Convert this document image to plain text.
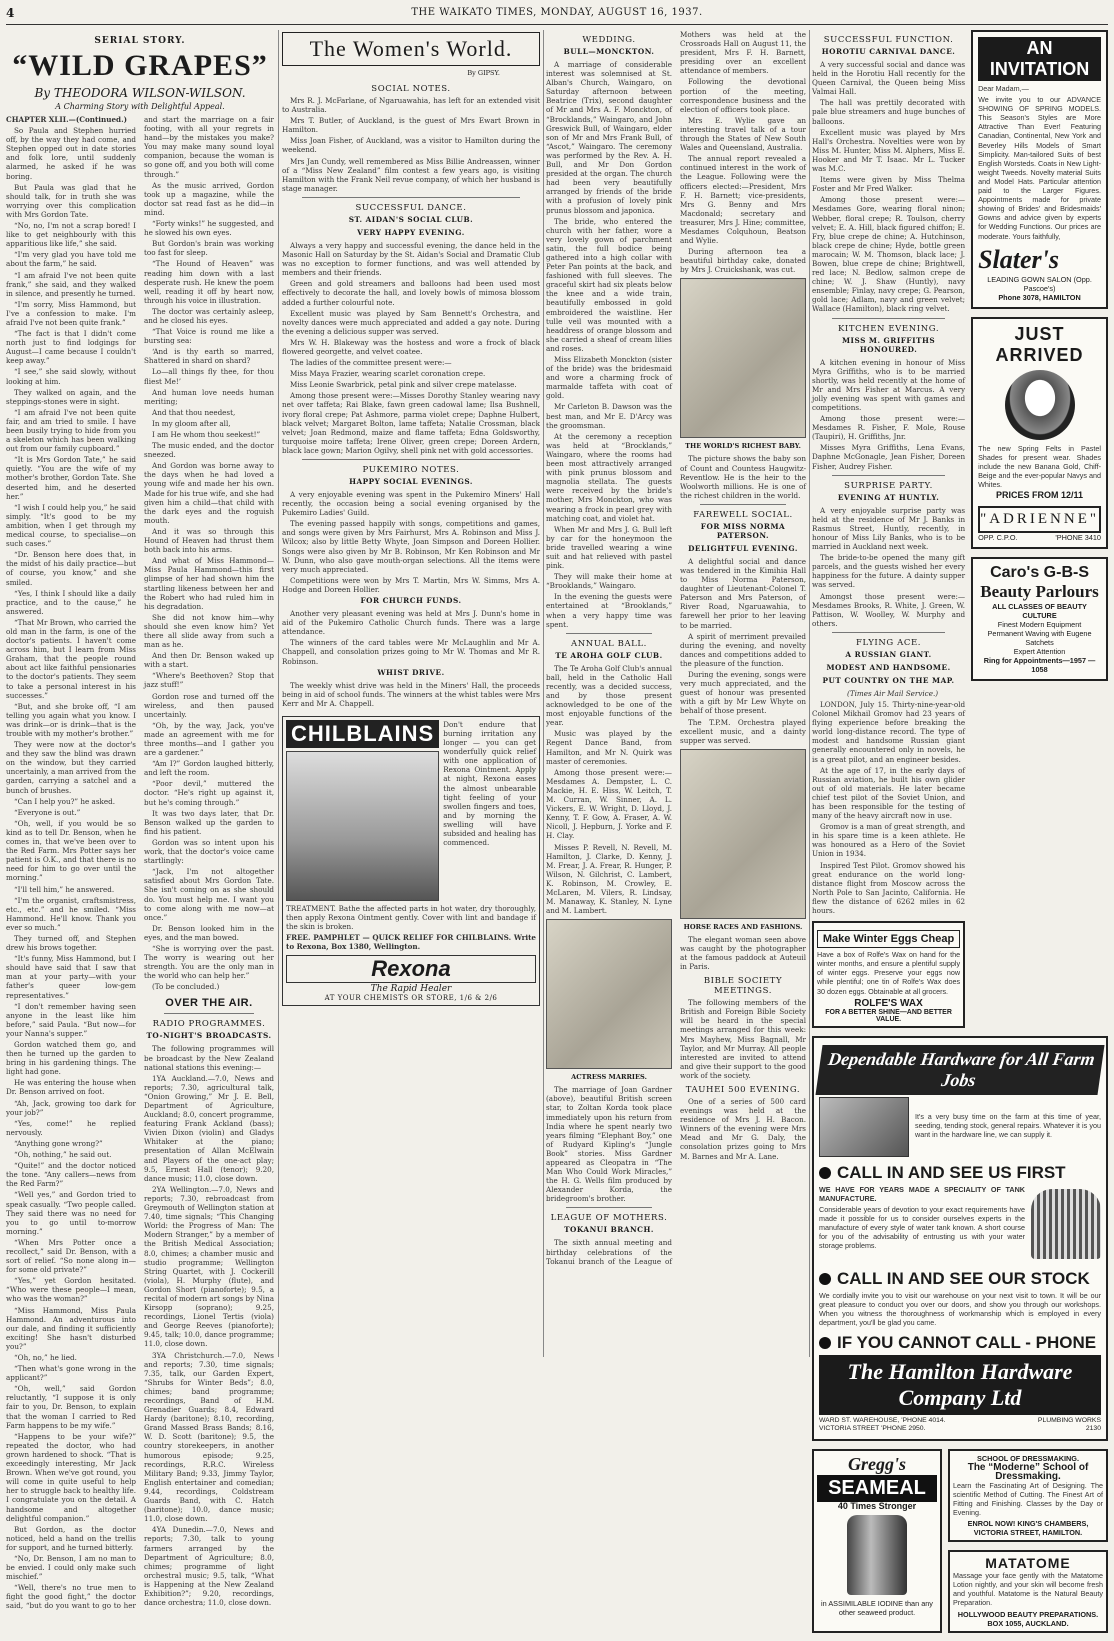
4	THE WAIKATO TIMES, MONDAY, AUGUST 16, 1937.
SERIAL STORY.
“WILD GRAPES”
By THEODORA WILSON-WILSON.
A Charming Story with Delightful Appeal.
CHAPTER XLII.—(Continued.)
So Paula and Stephen hurried off, by the way they had come, and Stephen opped out in date stories and folk lore, until suddenly alarmed, he asked if he was boring.
But Paula was glad that he should talk, for in truth she was worrying over this complication with Mrs Gordon Tate.
“No, no, I'm not a scrap bored! I like to get neighbourly with this apparitious like life,” she said.
“I'm very glad you have told me about the farm,” he said.
“I am afraid I've not been quite frank,” she said, and they walked in silence, and presently he turned.
“I'm sorry, Miss Hammond, but I've a confession to make. I'm afraid I've not been quite frank.”
“The fact is that I didn't come north just to find lodgings for August—I came because I couldn't keep away.”
“I see,” she said slowly, without looking at him.
They walked on again, and the steppings-stones were in sight.
“I am afraid I've not been quite fair, and am tried to smile. I have been busily trying to hide from you a skeleton which has been walking out from our family cupboard.”
“It is Mrs Gordon Tate,” he said quietly. “You are the wife of my mother's brother, Gordon Tate. She deserted him, and he deserted her.”
“I wish I could help you,” he said simply. “It's good to be my ambition, when I get through my medical course, to specialise—on such cases.”
“Dr. Benson here does that, in the midst of his daily practice—but of course, you know,” and she smiled.
“Yes, I think I should like a daily practice, and to the cause,” he answered.
“That Mr Brown, who carried the old man in the farm, is one of the doctor's patients. I haven't come across him, but I learn from Miss Graham, that the people round about act like faithful pensionaries to the doctor's patients. They seem to take a personal interest in his successes.”
“But, and she broke off, “I am telling you again what you know. I was drink—or is drink—that is the trouble with my mother's brother.”
They were now at the doctor's and they saw the blind was drawn on the window, but they carried uncertainly, a man arrived from the garden, carrying a satchel and a bunch of brushes.
“Can I help you?” he asked.
“Everyone is out.”
“Oh, well, if you would be so kind as to tell Dr. Benson, when he comes in, that we've been over to the Red Farm. Mrs Potter says her patient is O.K., and that there is no need for him to go over until the morning.”
“I'll tell him,” he answered.
“I'm the organist, craftsmistress, etc., etc.” and he smiled. “Miss Hammond. He'll know. Thank you ever so much.”
They turned off, and Stephen drew his brows together.
“It's funny, Miss Hammond, but I should have said that I saw that man at your party—with your father's queer low-gem representatives.”
“I don't remember having seen anyone in the least like him before,” said Paula. “But now—for your Nanna's supper.”
Gordon watched them go, and then he turned up the garden to bring in his gardening things. The light had gone.
He was entering the house when Dr. Benson arrived on foot.
“Ah, Jack, growing too dark for your job?”
“Yes, come!” he replied nervously.
“Anything gone wrong?”
“Oh, nothing,” he said out.
“Quite!” and the doctor noticed the tone. “Any callers—news from the Red Farm?”
“Well yes,” and Gordon tried to speak casually. “Two people called. They said there was no need for you to go until to-morrow morning.”
“When Mrs Potter once a recollect,” said Dr. Benson, with a sort of relief. “So none along in—for some old private?”
“Yes,” yet Gordon hesitated. “Who were these people—I mean, who was the woman?”
“Miss Hammond, Miss Paula Hammond. An adventurous into our dale, and finding it sufficiently exciting! She hasn't disturbed you?”
“Oh, no,” he lied.
“Then what's gone wrong in the applicant?”
“Oh, well,” said Gordon reluctantly, “I suppose it is only fair to you, Dr. Benson, to explain that the woman I carried to Red Farm happens to be my wife.”
“Happens to be your wife?” repeated the doctor, who had grown hardened to shock. “That is exceedingly interesting, Mr Jack Brown. When we've got round, you will come in quite useful to help her to struggle back to healthy life. I congratulate you on the detail. A handsome and altogether delightful companion.”
But Gordon, as the doctor noticed, held a hand on the trellis for support, and he turned bitterly.
“No, Dr. Benson, I am no man to be envied. I could only make such mischief.”
“Well, there's no true men to fight the good fight,” the doctor said, “but do you want to go to her and start the marriage on a fair footing, with all your regrets in hand—by the mistakes you make? You may make many sound loyal companion, because the woman is so gone off, and you both will come through.”
As the music arrived, Gordon took up a magazine, while the doctor sat read fast as he did—in mind.
“Forty winks!” he suggested, and he slowed his own eyes.
But Gordon's brain was working too fast for sleep.
“The Hound of Heaven” was reading him down with a last desperate rush. He knew the poem well, reading it off by heart now, through his voice in illustration.
The doctor was certainly asleep, and he closed his eyes.
“That Voice is round me like a bursting sea:
‘And is thy earth so marred, Shattered in shard on shard?
Lo—all things fly thee, for thou fliest Me!’
And human love needs human meriting;
And that thou needest,
In my gloom after all,
I am He whom thou seekest!”
The music ended, and the doctor sneezed.
And Gordon was borne away to the days when he had loved a young wife and made her his own. Made for his true wife, and she had given him a child—that child with the dark eyes and the roguish mouth.
And it was so through this Hound of Heaven had thrust them both back into his arms.
And what of Miss Hammond—Miss Paula Hammond—this first glimpse of her had shown him the startling likeness between her and the Robert who had ruled him in his degradation.
She did not know him—why should she even know him? Yet there all slide away from such a man as he.
And then Dr. Benson waked up with a start.
“Where's Beethoven? Stop that jazz stuff!”
Gordon rose and turned off the wireless, and then paused uncertainly.
“Oh, by the way, Jack, you've made an agreement with me for three months—and I gather you are a gardener.”
“Am I?” Gordon laughed bitterly, and left the room.
“Poor devil,” muttered the doctor. “He's right up against it, but he's coming through.”
It was two days later, that Dr. Benson walked up the garden to find his patient.
Gordon was so intent upon his work, that the doctor's voice came startlingly:
“Jack, I'm not altogether satisfied about Mrs Gordon Tate. She isn't coming on as she should do. You must help me. I want you to come along with me now—at once.”
Dr. Benson looked him in the eyes, and the man bowed.
“She is worrying over the past. The worry is wearing out her strength. You are the only man in the world who can help her.”
(To be concluded.)
OVER THE AIR.
RADIO PROGRAMMES.
TO-NIGHT'S BROADCASTS.
The following programmes will be broadcast by the New Zealand national stations this evening:—
1YA Auckland.—7.0, News and reports; 7.30, agricultural talk, “Onion Growing,” Mr J. E. Bell, Department of Agriculture, Auckland; 8.0, concert programme, featuring Frank Ackland (bass); Vivien Dixon (violin) and Gladys Whitaker at the piano; presentation of Allan McElwain and Players of the one-act play; 9.5, Ernest Hall (tenor); 9.20, dance music; 11.0, close down.
2YA Wellington.—7.0, News and reports; 7.30, rebroadcast from Greymouth of Wellington station at 7.40, time signals; “This Changing World: the Progress of Man: The Modern Stranger,” by a member of the British Medical Association; 8.0, chimes; a chamber music and studio programme; Wellington String Quartet, with J. Cockerill (viola), H. Murphy (flute), and Gordon Short (pianoforte); 9.5, a recital of modern art songs by Nina Kirsopp (soprano); 9.25, recordings, Lionel Tertis (viola) and George Reeves (pianoforte); 9.45, talk; 10.0, dance programme; 11.0, close down.
3YA Christchurch.—7.0, News and reports; 7.30, time signals; 7.35, talk, our Garden Expert, “Shrubs for Winter Beds”; 8.0, chimes; band programme; recordings, Band of H.M. Grenadier Guards; 8.4, Edward Hardy (baritone); 8.10, recording, Grand Massed Brass Bands; 8.16, W. D. Scott (baritone); 9.5, the country storekeepers, in another humorous episode; 9.25, recordings, R.R.C. Wireless Military Band; 9.33, Jimmy Taylor, English entertainer and comedian; 9.44, recordings, Coldstream Guards Band, with C. Hatch (baritone); 10.0, dance music; 11.0, close down.
4YA Dunedin.—7.0, News and reports; 7.30, talk to young farmers arranged by the Department of Agriculture; 8.0, chimes; programme of light orchestral music; 9.5, talk, “What is Happening at the New Zealand Exhibition?”; 9.20, recordings, dance orchestra; 11.0, close down.
The Women's World.
By GIPSY.
SOCIAL NOTES.
Mrs R. J. McFarlane, of Ngaruawahia, has left for an extended visit to Australia.
Mrs T. Butler, of Auckland, is the guest of Mrs Ewart Brown in Hamilton.
Miss Joan Fisher, of Auckland, was a visitor to Hamilton during the weekend.
Mrs Jan Cundy, well remembered as Miss Billie Andreassen, winner of a “Miss New Zealand” film contest a few years ago, is visiting Hamilton with the Frank Neil revue company, of which her husband is stage manager.
SUCCESSFUL DANCE.
ST. AIDAN'S SOCIAL CLUB.
VERY HAPPY EVENING.
Always a very happy and successful evening, the dance held in the Masonic Hall on Saturday by the St. Aidan's Social and Dramatic Club was no exception to former functions, and was well attended by members and their friends.
Green and gold streamers and balloons had been used most effectively to decorate the hall, and lovely bowls of mimosa blossom added a further colourful note.
Excellent music was played by Sam Bennett's Orchestra, and novelty dances were much appreciated and added a gay note. During the evening a delicious supper was served.
Mrs W. H. Blakeway was the hostess and wore a frock of black flowered georgette, and velvet coatee.
The ladies of the committee present were:—
Miss Maya Frazier, wearing scarlet coronation crepe.
Miss Leonie Swarbrick, petal pink and silver crepe matelasse.
Among those present were:—Misses Dorothy Stanley wearing navy net over taffeta; Rai Blake, fawn green cadowal lame; Ilsa Bushnell, ivory floral crepe; Pat Ashmore, parma violet crepe; Daphne Hulbert, black velvet; Margaret Bolton, lame taffeta; Natalie Crossman, black velvet; Joan Redmond, maize and flame taffeta; Edna Goldsworthy, turquoise moire taffeta; Irene Oliver, green crepe; Doreen Ardern, black lace gown; Marion Ogilvy, shell pink net with gold accessories.
PUKEMIRO NOTES.
HAPPY SOCIAL EVENINGS.
A very enjoyable evening was spent in the Pukemiro Miners' Hall recently, the occasion being a social evening organised by the Pukemiro Ladies' Guild.
The evening passed happily with songs, competitions and games, and songs were given by Mrs Fairhurst, Mrs A. Robinson and Miss J. Wilcox; also by little Betty Whyte, Joan Simpson and Doreen Hollier. Songs were also given by Mr B. Robinson, Mr Ken Robinson and Mr W. Dunn, who also gave mouth-organ selections. All the items were very much appreciated.
Competitions were won by Mrs T. Martin, Mrs W. Simms, Mrs A. Hodge and Doreen Hollier.
FOR CHURCH FUNDS.
Another very pleasant evening was held at Mrs J. Dunn's home in aid of the Pukemiro Catholic Church funds. There was a large attendance.
The winners of the card tables were Mr McLaughlin and Mr A. Chappell, and consolation prizes going to Mr W. Thomas and Mr R. Robinson.
WHIST DRIVE.
The weekly whist drive was held in the Miners' Hall, the proceeds being in aid of school funds. The winners at the whist tables were Mrs Kerr and Mr A. Chappell.
CHILBLAINS	Don't endure that burning irritation any longer — you can get wonderfully quick relief with one application of Rexona Ointment. Apply at night, Rexona eases the almost unbearable tight feeling of your swollen fingers and toes, and by morning the swelling will have subsided and healing has commenced.
TREATMENT. Bathe the affected parts in hot water, dry thoroughly, then apply Rexona Ointment gently. Cover with lint and bandage if the skin is broken.
FREE. PAMPHLET — QUICK RELIEF FOR CHILBLAINS. Write to Rexona, Box 1380, Wellington.
Rexona
The Rapid Healer
AT YOUR CHEMISTS OR STORE, 1/6 & 2/6
WEDDING.
BULL—MONCKTON.
A marriage of considerable interest was solemnised at St. Alban's Church, Waingaro, on Saturday afternoon between Beatrice (Trix), second daughter of Mr and Mrs A. F. Monckton, of “Brocklands,” Waingaro, and John Greswick Bull, of Waingaro, elder son of Mr and Mrs Frank Bull, of “Ascot,” Waingaro. The ceremony was performed by the Rev. A. H. Bull, and Mr Don Gordon presided at the organ. The church had been very beautifully arranged by friends of the bride with a profusion of lovely pink prunus blossom and japonica.
The bride, who entered the church with her father, wore a very lovely gown of parchment satin, the full bodice being gathered into a high collar with Peter Pan points at the back, and fashioned with full sleeves. The graceful skirt had six pleats below the knee and a wide train, beautifully embossed in gold embroidered the waistline. Her tulle veil was mounted with a headdress of orange blossom and she carried a sheaf of cream lilies and roses.
Miss Elizabeth Monckton (sister of the bride) was the bridesmaid and wore a charming frock of marmalde taffeta with coat of gold.
Mr Carleton B. Dawson was the best man, and Mr E. D'Arcy was the groomsman.
At the ceremony a reception was held at “Brocklands,” Waingaro, where the rooms had been most attractively arranged with pink prunus blossom and magnolia stellata. The guests were received by the bride's mother, Mrs Monckton, who was wearing a frock in pearl grey with matching coat, and violet hat.
When Mr and Mrs J. G. Bull left by car for the honeymoon the bride travelled wearing a wine suit and hat relieved with pastel pink.
They will make their home at “Brooklands,” Waingaro.
In the evening the guests were entertained at “Brooklands,” when a very happy time was spent.
ANNUAL BALL.
TE AROHA GOLF CLUB.
The Te Aroha Golf Club's annual ball, held in the Catholic Hall recently, was a decided success, and by those present acknowledged to be one of the most enjoyable functions of the year.
Music was played by the Regent Dance Band, from Hamilton, and Mr N. Quirk was master of ceremonies.
Among those present were:—Mesdames A. Dempster, L. C. Mackie, H. E. Hiss, W. Leitch, T. M. Curran, W. Sinner, A. L. Vickers, E. W. Wright, D. Lloyd, J. Kenny, T. F. Gow, A. Fraser, A. W. Nicoll, J. Hepburn, J. Yorke and F. H. Clay.
Misses P. Revell, N. Revell, M. Hamilton, J. Clarke, D. Kenny, J. M. Frear, J. A. Frear, R. Hunger, P. Wilson, N. Gilchrist, C. Lambert, K. Robinson, M. Crowley, E. McLaren, M. Vilers, R. Lindsay, M. Manaway, K. Stanley, N. Lyne and M. Lambert.
ACTRESS MARRIES.
The marriage of Joan Gardner (above), beautiful British screen star, to Zoltan Korda took place immediately upon his return from India where he spent nearly two years filming “Elephant Boy,” one of Rudyard Kipling's “Jungle Book” stories. Miss Gardner appeared as Cleopatra in “The Man Who Could Work Miracles,” the H. G. Wells film produced by Alexander Korda, the bridegroom's brother.
LEAGUE OF MOTHERS.
TOKANUI BRANCH.
The sixth annual meeting and birthday celebrations of the Tokanui branch of the League of Mothers was held at the Crossroads Hall on August 11, the president, Mrs F. H. Barnett, presiding over an excellent attendance of members.
Following the devotional portion of the meeting, correspondence business and the election of officers took place.
Mrs E. Wylie gave an interesting travel talk of a tour through the States of New South Wales and Queensland, Australia.
The annual report revealed a continued interest in the work of the League. Following were the officers elected:—President, Mrs F. H. Barnett; vice-presidents, Mrs G. Benny and Mrs Macdonald; secretary and treasurer, Mrs J. Hine; committee, Mesdames Colquhoun, Beatson and Wylie.
During afternoon tea a beautiful birthday cake, donated by Mrs J. Cruickshank, was cut.
THE WORLD'S RICHEST BABY.
The picture shows the baby son of Count and Countess Haugwitz-Reventlow. He is the heir to the Woolworth millions. He is one of the richest children in the world.
FAREWELL SOCIAL.
FOR MISS NORMA PATERSON.
DELIGHTFUL EVENING.
A delightful social and dance was tendered in the Kimihia Hall to Miss Norma Paterson, daughter of Lieutenant-Colonel T. Paterson and Mrs Paterson, of River Road, Ngaruawahia, to farewell her prior to her leaving to be married.
A spirit of merriment prevailed during the evening, and novelty dances and competitions added to the pleasure of the function.
During the evening, songs were very much appreciated, and the guest of honour was presented with a gift by Mr Lew Whyte on behalf of those present.
The T.P.M. Orchestra played excellent music, and a dainty supper was served.
HORSE RACES AND FASHIONS.
The elegant woman seen above was caught by the photographer at the famous paddock at Auteuil in Paris.
BIBLE SOCIETY MEETINGS.
The following members of the British and Foreign Bible Society will be heard in the special meetings arranged for this week: Mrs Mayhew, Miss Bagnall, Mr Taylor, and Mr Murray. All people interested are invited to attend and give their support to the good work of the society.
TAUHEI 500 EVENING.
One of a series of 500 card evenings was held at the residence of Mrs J. H. Bacon. Winners of the evening were Mrs Mead and Mr G. Daly, the consolation prizes going to Mrs M. Barnes and Mr A. Lane.
SUCCESSFUL FUNCTION.
HOROTIU CARNIVAL DANCE.
A very successful social and dance was held in the Horotiu Hall recently for the Queen Carnival, the Queen being Miss Valmai Hall.
The hall was prettily decorated with pale blue streamers and huge bunches of balloons.
Excellent music was played by Mrs Hall's Orchestra. Novelties were won by Miss M. Hunter, Miss M. Alphers, Miss E. Hooker and Mr T. Isaac. Mr L. Tucker was M.C.
Items were given by Miss Thelma Foster and Mr Fred Walker.
Among those present were:—Mesdames Gore, wearing floral ninon; Webber, floral crepe; R. Toulson, cherry velvet; E. A. Hill, black figured chiffon; E. Fry, blue crepe de chine; A. Hutchinson, black crepe de chine; Hyde, bottle green marocain; W. M. Thomson, black lace; J. Bowen, blue crepe de chine; Brightwell, red lace; N. Bedlow, salmon crepe de chine; W. J. Shaw (Huntly), navy ensemble; Finlay, navy crepe; G. Pearson, gold lace; Adlam, navy and green velvet; Wallace (Hamilton), black ring velvet.
KITCHEN EVENING.
MISS M. GRIFFITHS HONOURED.
A kitchen evening in honour of Miss Myra Griffiths, who is to be married shortly, was held recently at the home of Mr and Mrs Fisher at Marcus. A very jolly evening was spent with games and competitions.
Among those present were:—Mesdames R. Fisher, F. Mole, Rouse (Taupiri), H. Griffiths, Jnr.
Misses Myra Griffiths, Lena Evans, Daphne McGonagle, Jean Fisher, Doreen Fisher, Audrey Fisher.
SURPRISE PARTY.
EVENING AT HUNTLY.
A very enjoyable surprise party was held at the residence of Mr J. Banks in Rasmus Street, Huntly, recently, in honour of Miss Lily Banks, who is to be married in Auckland next week.
The bride-to-be opened the many gift parcels, and the guests wished her every happiness for the future. A dainty supper was served.
Amongst those present were:—Mesdames Brooks, R. White, J. Green, W. Pattison, W. Woolley, W. Murphy and others.
FLYING ACE.
A RUSSIAN GIANT.
MODEST AND HANDSOME.
PUT COUNTRY ON THE MAP.
(Times Air Mail Service.)
LONDON, July 15. Thirty-nine-year-old Colonel Mikhail Gromov had 23 years of flying experience before breaking the world long-distance record. The type of modest and handsome Russian giant generally encountered only in novels, he is a great pilot, and an engineer besides.
At the age of 17, in the early days of Russian aviation, he built his own glider out of old materials. He later became chief test pilot of the Soviet Union, and has been responsible for the testing of many of the heavy aircraft now in use.
Gromov is a man of great strength, and in his spare time is a keen athlete. He was honoured as a Hero of the Soviet Union in 1934.
Inspired Test Pilot. Gromov showed his great endurance on the world long-distance flight from Moscow across the North Pole to San Jacinto, California. He flew the distance of 6262 miles in 62 hours.
Make Winter Eggs Cheap
Have a box of Rolfe's Wax on hand for the winter months, and ensure a plentiful supply of winter eggs. Preserve your eggs now while plentiful; one tin of Rolfe's Wax does 30 dozen eggs. Obtainable at all grocers.
ROLFE'S WAX
FOR A BETTER SHINE—AND BETTER VALUE.
AN INVITATION
Dear Madam,—
We invite you to our ADVANCE SHOWING OF SPRING MODELS. This Season's Styles are More Attractive Than Ever! Featuring Canadian, Continental, New York and Beverley Hills Models of Smart Simplicity. Man-tailored Suits of best English Worsteds. Coats in New Light-weight Tweeds. Novelty material Suits and Model Hats. Particular attention paid to the Larger Figures. Appointments made for private showing of Brides' and Bridesmaids' Gowns and advice given by experts for Wedding Functions. Our prices are moderate. Yours faithfully,
Slater's
LEADING GOWN SALON (Opp. Pascoe's)
Phone 3078, HAMILTON
JUST ARRIVED
The new Spring Felts in Pastel Shades for present wear. Shades include the new Banana Gold, Chiff-Beige and the ever-popular Navys and Whites.
PRICES FROM 12/11
"ADRIENNE"
OPP. C.P.O.	'PHONE 3410
Caro's G-B-S
Beauty Parlours
ALL CLASSES OF BEAUTY CULTURE
Finest Modern Equipment
Permanent Waving with Eugene Satchets
Expert Attention
Ring for Appointments—1957 — 1058
Dependable Hardware for All Farm Jobs
It's a very busy time on the farm at this time of year, seeding, tending stock, general repairs. Whatever it is you want in the hardware line, we can supply it.
CALL IN AND SEE US FIRST
WE HAVE FOR YEARS MADE A SPECIALITY OF TANK MANUFACTURE.
Considerable years of devotion to your exact requirements have made it possible for us to consider ourselves experts in the manufacture of every style of water tank known. A short course for you of the advisability of entrusting us with your water storage problems.
CALL IN AND SEE OUR STOCK
We cordially invite you to visit our warehouse on your next visit to town. It will be our great pleasure to conduct you over our doors, and show you through our workshops. When you witness the thoroughness of workmanship which is employed in every department, you'll be glad you came.
IF YOU CANNOT CALL - PHONE
The Hamilton Hardware Company Ltd
WARD ST. WAREHOUSE, 'PHONE 4014.
VICTORIA STREET 'PHONE 2950.
PLUMBING WORKS 2130
Gregg's
SEAMEAL
40 Times Stronger
in ASSIMILABLE IODINE than any other seaweed product.
SCHOOL OF DRESSMAKING.
The “Moderne” School of Dressmaking.
Learn the Fascinating Art of Designing. The scientific Method of Cutting. The Finest Art of Fitting and Finishing. Classes by the Day or Evening.
ENROL NOW! KING'S CHAMBERS, VICTORIA STREET, HAMILTON.
MATATOME
Massage your face gently with the Matatome Lotion nightly, and your skin will become fresh and youthful. Matatome is the Natural Beauty Preparation.
HOLLYWOOD BEAUTY PREPARATIONS. BOX 1055, AUCKLAND.
